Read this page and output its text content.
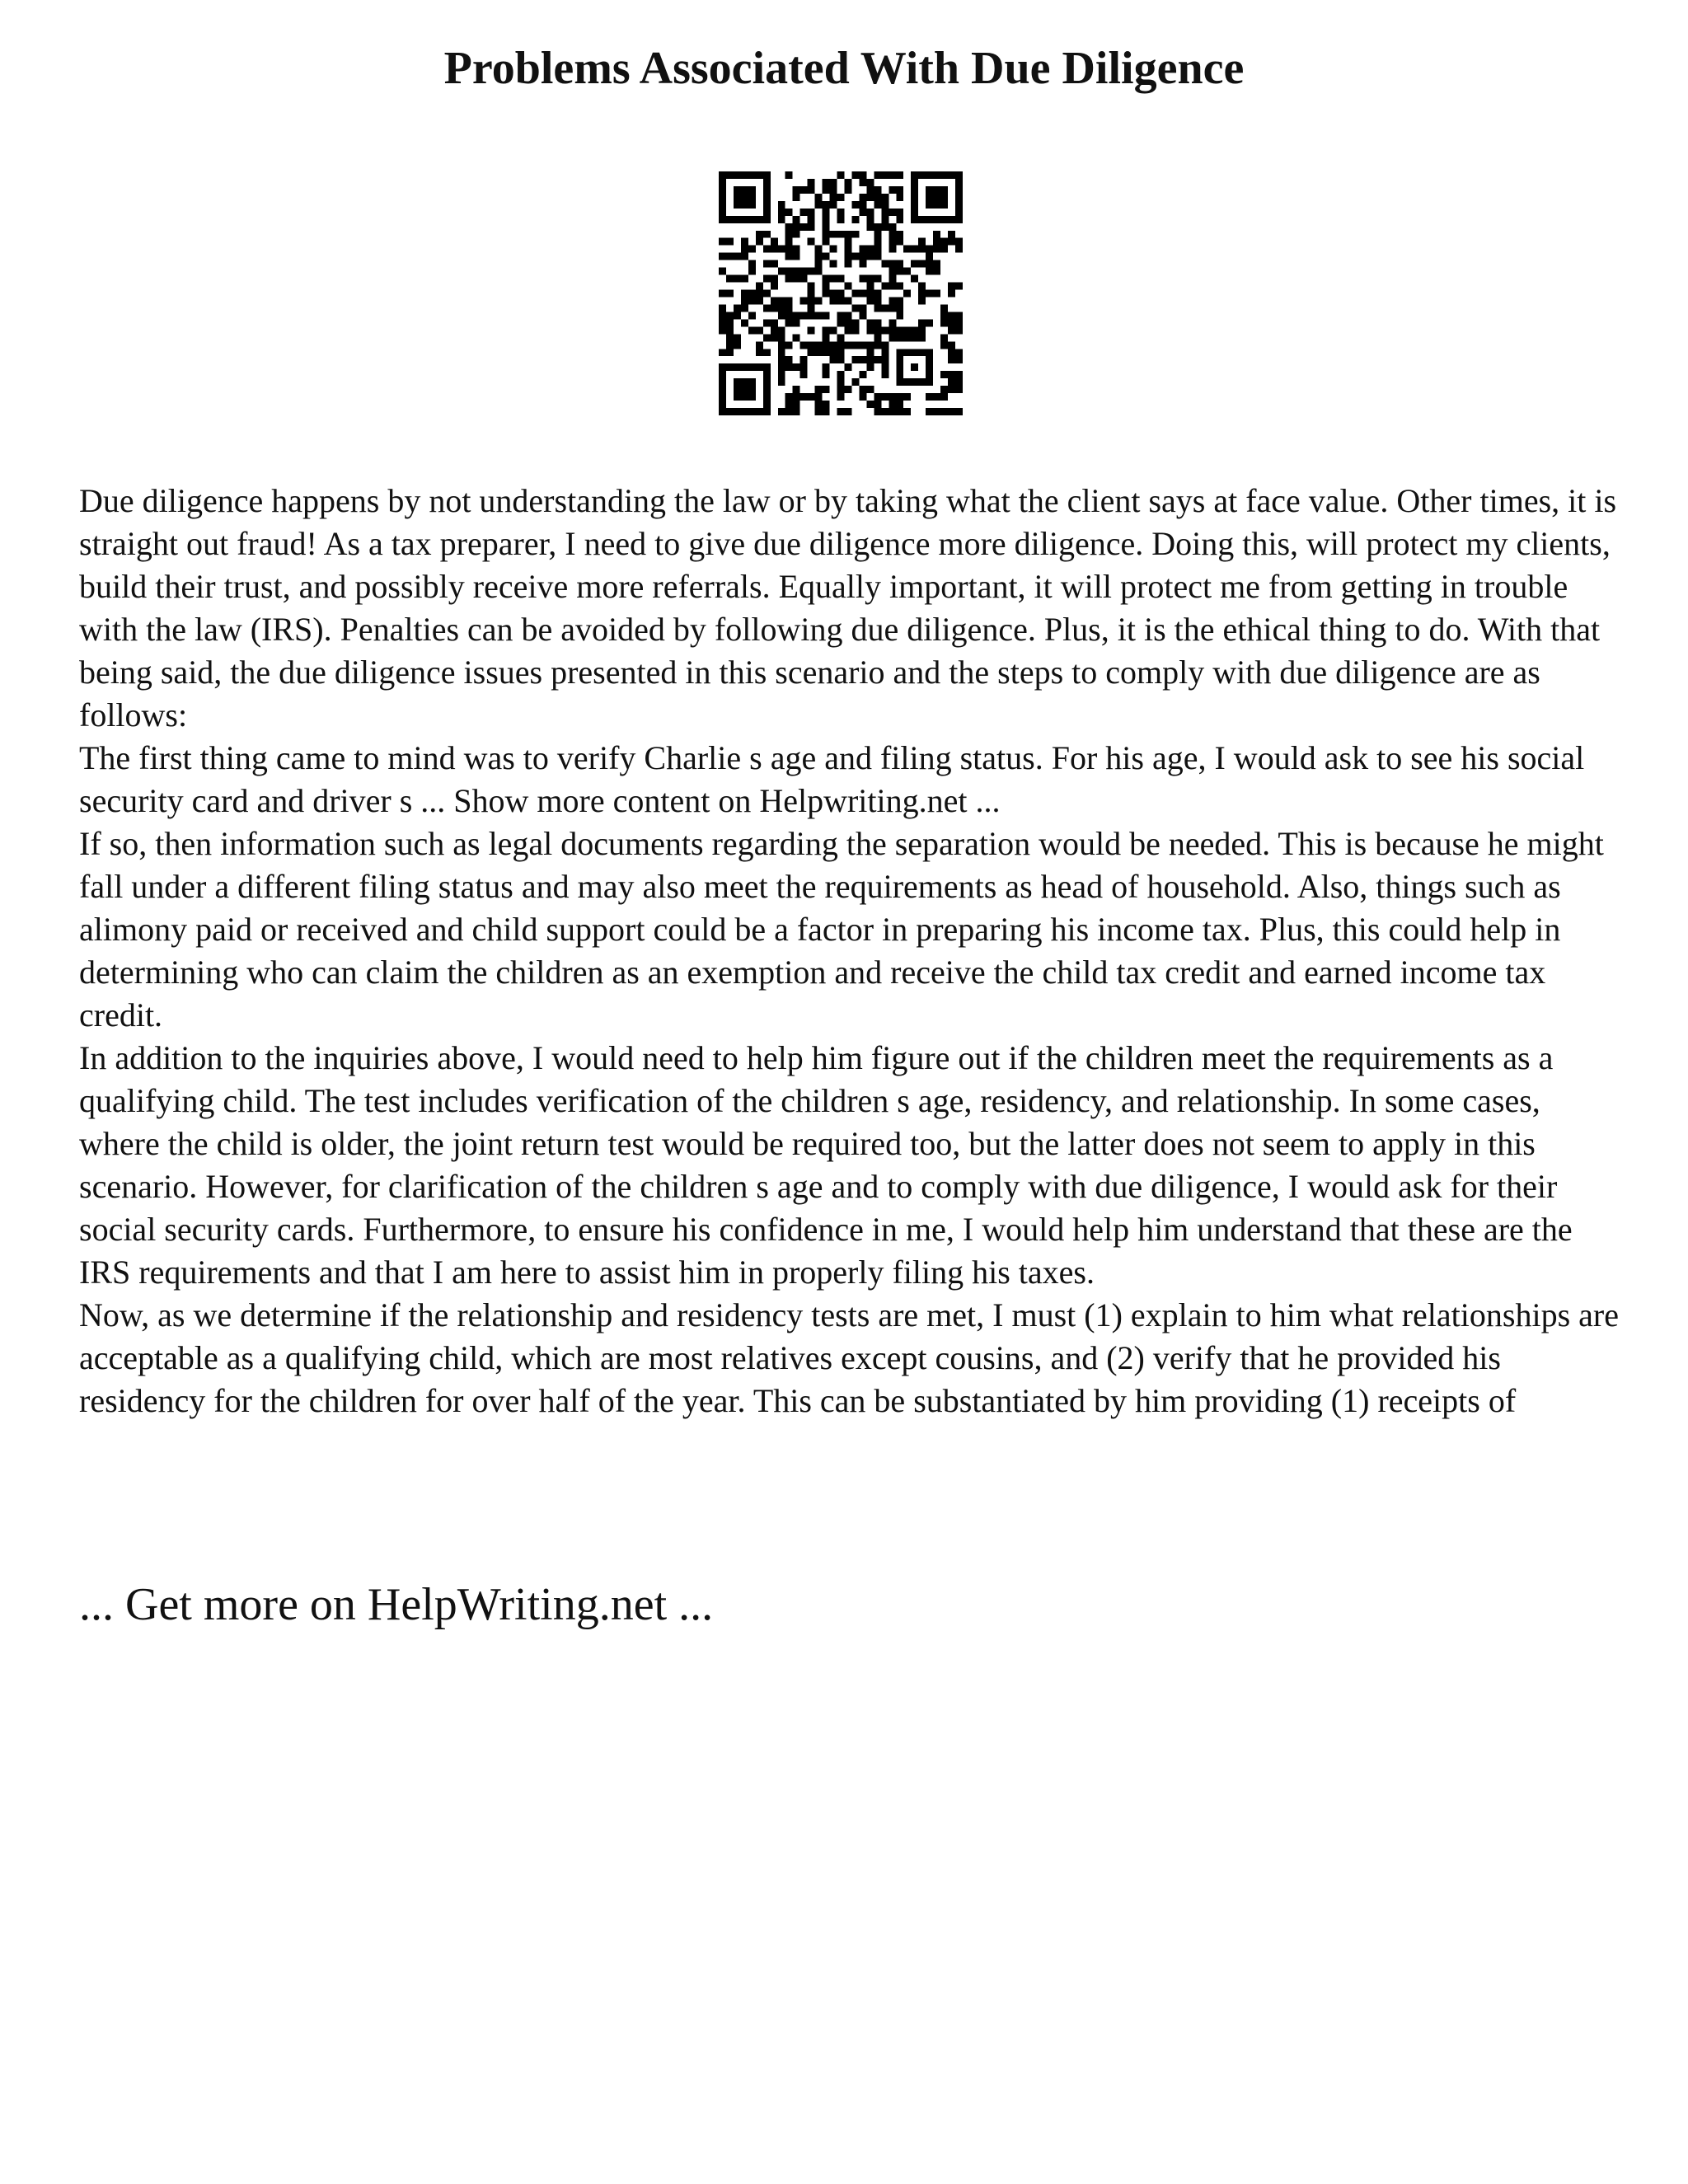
Problems Associated With Due Diligence

Due diligence happens by not understanding the law or by taking what the client says at face value. Other times, it is straight out fraud! As a tax preparer, I need to give due diligence more diligence. Doing this, will protect my clients, build their trust, and possibly receive more referrals. Equally important, it will protect me from getting in trouble with the law (IRS). Penalties can be avoided by following due diligence. Plus, it is the ethical thing to do. With that being said, the due diligence issues presented in this scenario and the steps to comply with due diligence are as follows:

The first thing came to mind was to verify Charlie s age and filing status. For his age, I would ask to see his social security card and driver s ... Show more content on Helpwriting.net ...

If so, then information such as legal documents regarding the separation would be needed. This is because he might fall under a different filing status and may also meet the requirements as head of household. Also, things such as alimony paid or received and child support could be a factor in preparing his income tax. Plus, this could help in determining who can claim the children as an exemption and receive the child tax credit and earned income tax credit.

In addition to the inquiries above, I would need to help him figure out if the children meet the requirements as a qualifying child. The test includes verification of the children s age, residency, and relationship. In some cases, where the child is older, the joint return test would be required too, but the latter does not seem to apply in this scenario. However, for clarification of the children s age and to comply with due diligence, I would ask for their social security cards. Furthermore, to ensure his confidence in me, I would help him understand that these are the IRS requirements and that I am here to assist him in properly filing his taxes.

Now, as we determine if the relationship and residency tests are met, I must (1) explain to him what relationships are acceptable as a qualifying child, which are most relatives except cousins, and (2) verify that he provided his residency for the children for over half of the year. This can be substantiated by him providing (1) receipts of

... Get more on HelpWriting.net ...
